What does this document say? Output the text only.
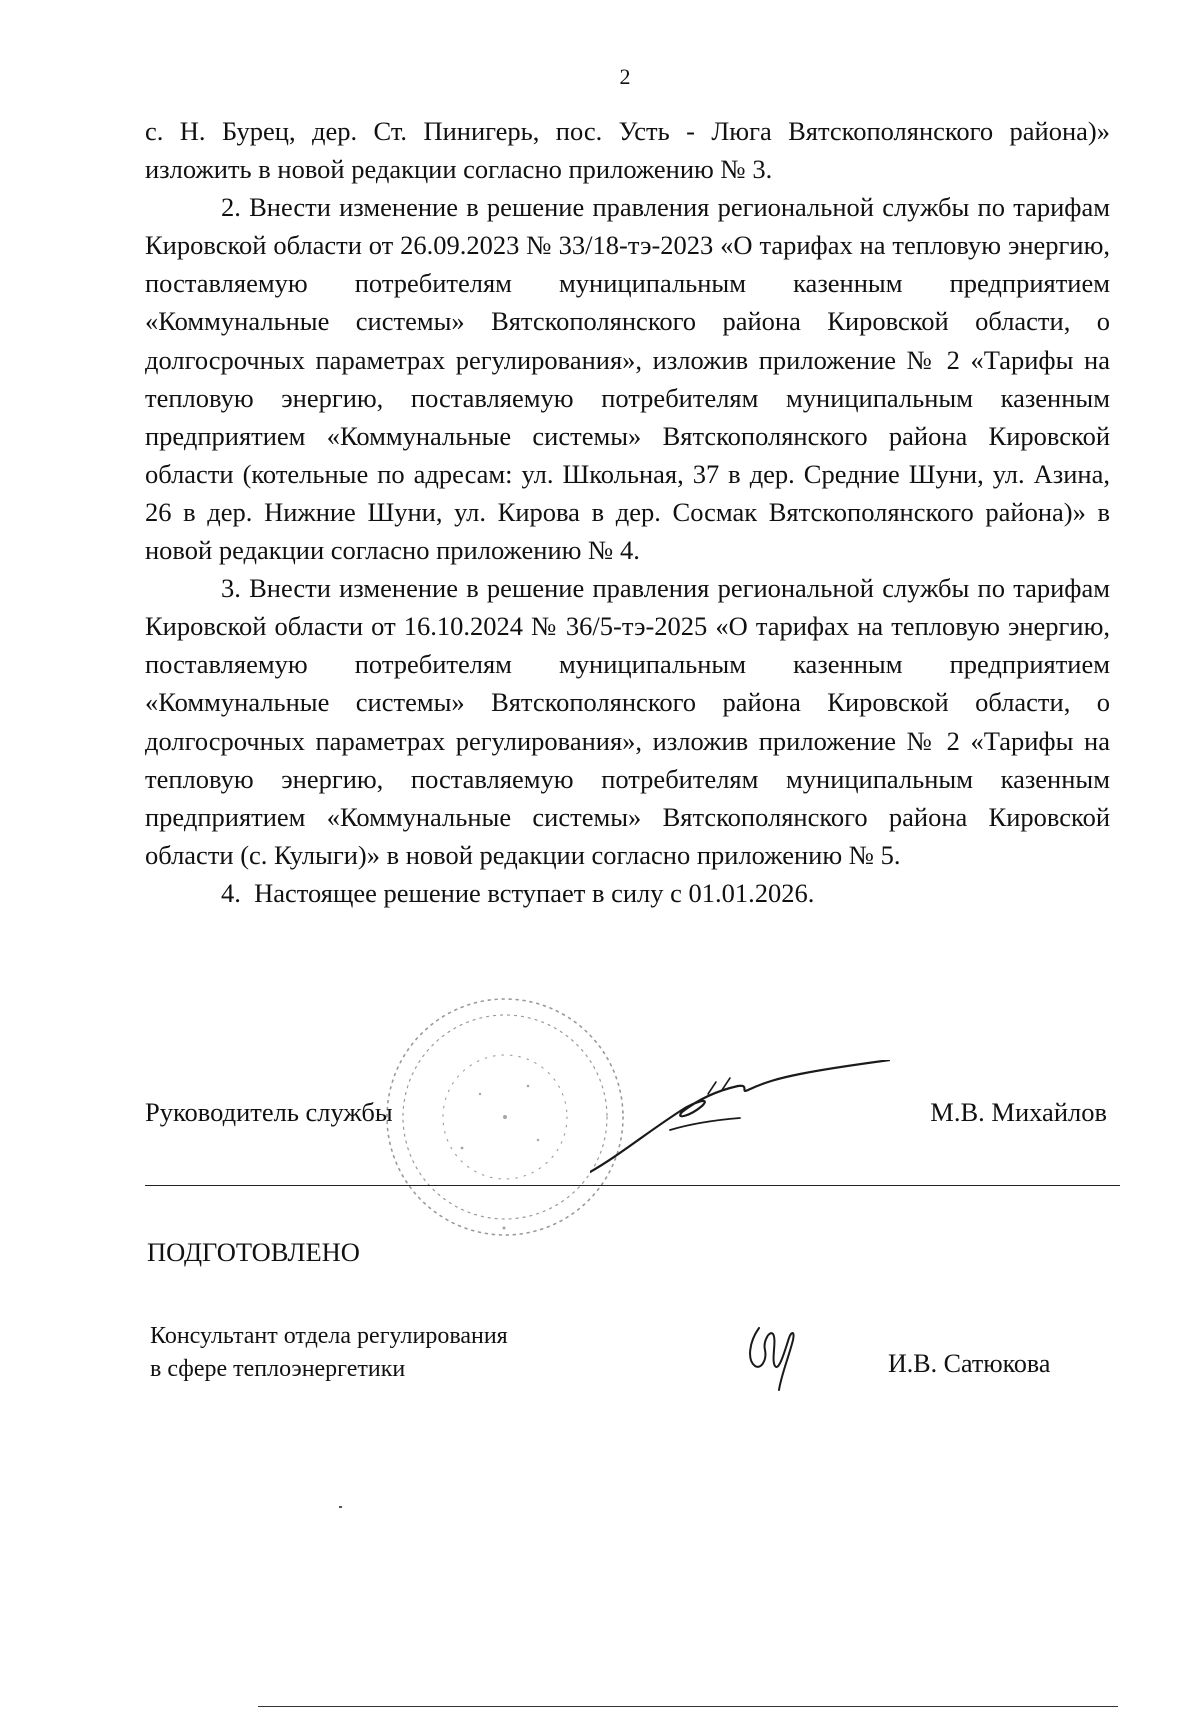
2

с. Н. Бурец, дер. Ст. Пинигерь, пос. Усть - Люга Вятскополянского района)» изложить в новой редакции согласно приложению № 3.

2. Внести изменение в решение правления региональной службы по тарифам Кировской области от 26.09.2023 № 33/18-тэ-2023 «О тарифах на тепловую энергию, поставляемую потребителям муниципальным казенным предприятием «Коммунальные системы» Вятскополянского района Кировской области, о долгосрочных параметрах регулирования», изложив приложение № 2 «Тарифы на тепловую энергию, поставляемую потребителям муниципальным казенным предприятием «Коммунальные системы» Вятскополянского района Кировской области (котельные по адресам: ул. Школьная, 37 в дер. Средние Шуни, ул. Азина, 26 в дер. Нижние Шуни, ул. Кирова в дер. Сосмак Вятскополянского района)» в новой редакции согласно приложению № 4.

3. Внести изменение в решение правления региональной службы по тарифам Кировской области от 16.10.2024 № 36/5-тэ-2025 «О тарифах на тепловую энергию, поставляемую потребителям муниципальным казенным предприятием «Коммунальные системы» Вятскополянского района Кировской области, о долгосрочных параметрах регулирования», изложив приложение № 2 «Тарифы на тепловую энергию, поставляемую потребителям муниципальным казенным предприятием «Коммунальные системы» Вятскополянского района Кировской области (с. Кулыги)» в новой редакции согласно приложению № 5.

4.  Настоящее решение вступает в силу с 01.01.2026.

Руководитель службы	М.В. Михайлов
ПОДГОТОВЛЕНО
Консультант отдела регулирования
в сфере теплоэнергетики	И.В. Сатюкова
